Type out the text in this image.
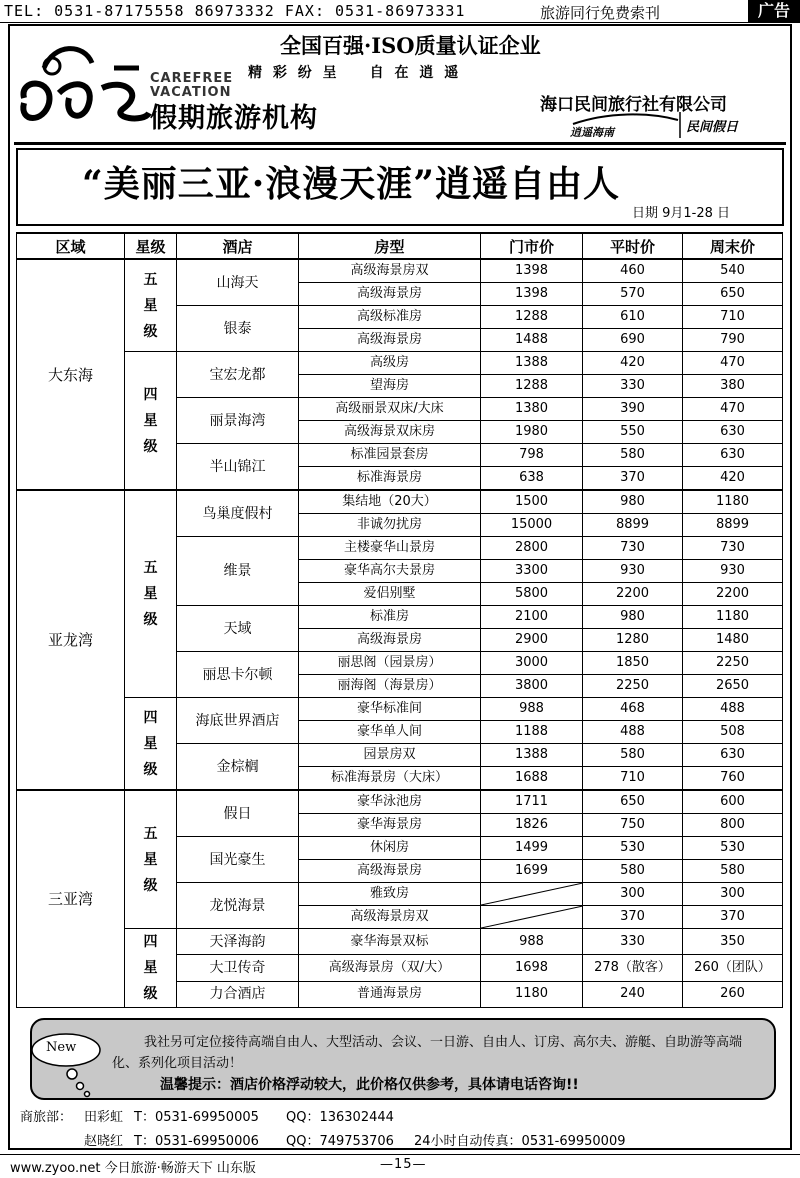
TEL: 0531-87175558 86973332 FAX: 0531-86973331	旅游同行免费索刊	广告
全国百强·ISO质量认证企业
精 彩 纷 呈 自 在 逍 遥
CAREFREE
VACATION
假期旅游机构	海口民间旅行社有限公司
逍遥海南	民间假日
“美丽三亚·浪漫天涯”逍遥自由人
日期 9月1-28 日
区域	星级	酒店	房型	门市价	平时价	周末价
大东海	五星级	山海天	高级海景房双	1398	460	540
			高级海景房	1398	570	650
		银泰	高级标准房	1288	610	710
			高级海景房	1488	690	790

	四星级	宝宏龙都	高级房	1388	420	470
			望海房	1288	330	380
		丽景海湾	高级丽景双床/大床	1380	390	470
			高级海景双床房	1980	550	630
		半山锦江	标准园景套房	798	580	630
			标准海景房	638	370	420
亚龙湾	五星级	鸟巢度假村	集结地（20大）	1500	980	1180
			非诚勿扰房	15000	8899	8899
		维景	主楼豪华山景房	2800	730	730
			豪华高尔夫景房	3300	930	930
			爱侣别墅	5800	2200	2200
		天域	标准房	2100	980	1180
			高级海景房	2900	1280	1480
		丽思卡尔顿	丽思阁（园景房）	3000	1850	2250
			丽海阁（海景房）	3800	2250	2650

	四星级	海底世界酒店	豪华标准间	988	468	488
			豪华单人间	1188	488	508
		金棕榈	园景房双	1388	580	630
			标准海景房（大床）	1688	710	760
三亚湾	五星级	假日	豪华泳池房	1711	650	600
			豪华海景房	1826	750	800
		国光豪生	休闲房	1499	530	530
			高级海景房	1699	580	580
		龙悦海景	雅致房		300	300
			高级海景房双		370	370

	四星级	天泽海韵	豪华海景双标	988	330	350
		大卫传奇	高级海景房（双/大）	1698	278（散客）	260（团队）
		力合酒店	普通海景房	1180	240	260
New	我社另可定位接待高端自由人、大型活动、会议、一日游、自由人、订房、高尔夫、游艇、自助游等高端化、系列化项目活动！
温馨提示：酒店价格浮动较大，此价格仅供参考，具体请电话咨询!!
商旅部： 田彩虹 T：0531-69950005 QQ：136302444
赵晓红 T：0531-69950006 QQ：749753706 24小时自动传真：0531-69950009
www.zyoo.net 今日旅游·畅游天下 山东版	—15—
